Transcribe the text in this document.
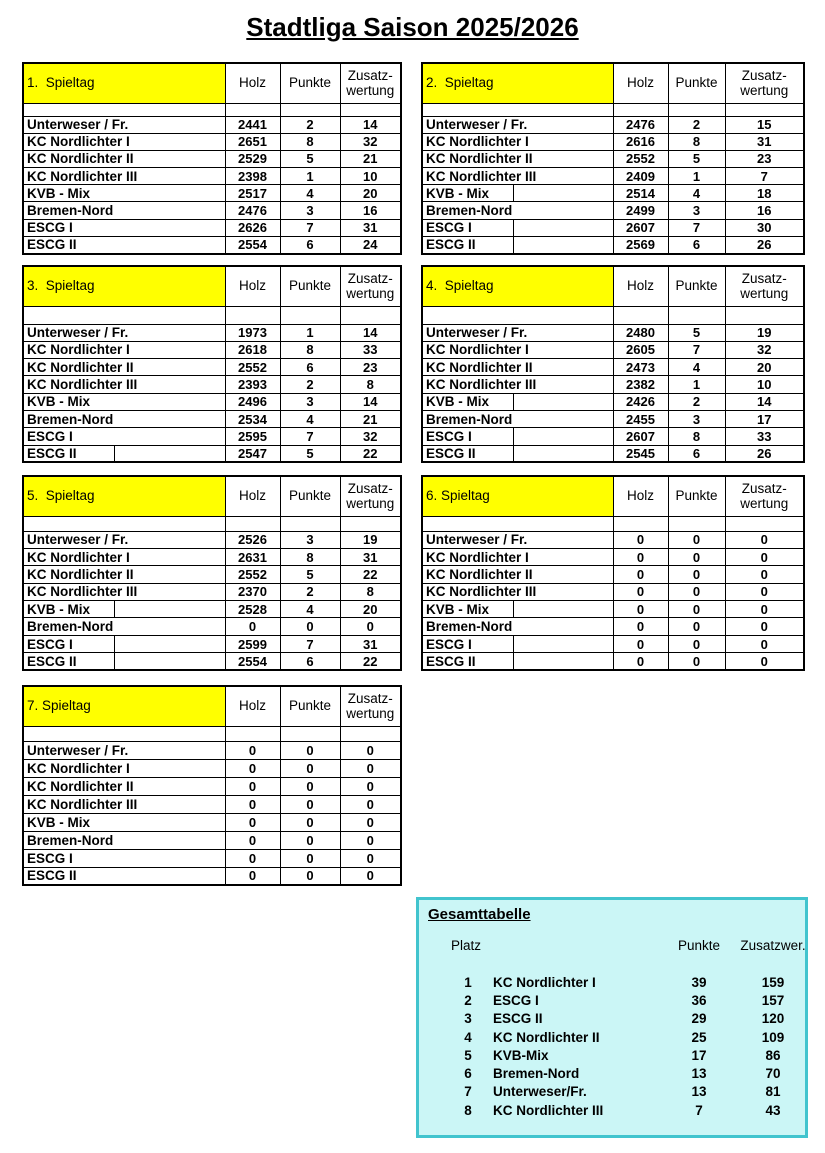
Stadtliga Saison 2025/2026
1.  Spieltag	Holz	Punkte	Zusatz-
wertung

Unterweser / Fr.	2441	2	14
KC Nordlichter I	2651	8	32
KC Nordlichter II	2529	5	21
KC Nordlichter III	2398	1	10
KVB - Mix	2517	4	20
Bremen-Nord	2476	3	16
ESCG I	2626	7	31
ESCG II	2554	6	24
2.  Spieltag	Holz	Punkte	Zusatz-
wertung

Unterweser / Fr.	2476	2	15
KC Nordlichter I	2616	8	31
KC Nordlichter II	2552	5	23
KC Nordlichter III	2409	1	7
KVB - Mix	2514	4	18
Bremen-Nord	2499	3	16
ESCG I	2607	7	30
ESCG II	2569	6	26
3.  Spieltag	Holz	Punkte	Zusatz-
wertung

Unterweser / Fr.	1973	1	14
KC Nordlichter I	2618	8	33
KC Nordlichter II	2552	6	23
KC Nordlichter III	2393	2	8
KVB - Mix	2496	3	14
Bremen-Nord	2534	4	21
ESCG I	2595	7	32
ESCG II	2547	5	22
4.  Spieltag	Holz	Punkte	Zusatz-
wertung

Unterweser / Fr.	2480	5	19
KC Nordlichter I	2605	7	32
KC Nordlichter II	2473	4	20
KC Nordlichter III	2382	1	10
KVB - Mix	2426	2	14
Bremen-Nord	2455	3	17
ESCG I	2607	8	33
ESCG II	2545	6	26
5.  Spieltag	Holz	Punkte	Zusatz-
wertung

Unterweser / Fr.	2526	3	19
KC Nordlichter I	2631	8	31
KC Nordlichter II	2552	5	22
KC Nordlichter III	2370	2	8
KVB - Mix	2528	4	20
Bremen-Nord	0	0	0
ESCG I	2599	7	31
ESCG II	2554	6	22
6. Spieltag	Holz	Punkte	Zusatz-
wertung

Unterweser / Fr.	0	0	0
KC Nordlichter I	0	0	0
KC Nordlichter II	0	0	0
KC Nordlichter III	0	0	0
KVB - Mix	0	0	0
Bremen-Nord	0	0	0
ESCG I	0	0	0
ESCG II	0	0	0
7. Spieltag	Holz	Punkte	Zusatz-
wertung

Unterweser / Fr.	0	0	0
KC Nordlichter I	0	0	0
KC Nordlichter II	0	0	0
KC Nordlichter III	0	0	0
KVB - Mix	0	0	0
Bremen-Nord	0	0	0
ESCG I	0	0	0
ESCG II	0	0	0
Gesamttabelle
Platz		Punkte	Zusatzwer.

1	KC Nordlichter I	39	159
2	ESCG I	36	157
3	ESCG II	29	120
4	KC Nordlichter II	25	109
5	KVB-Mix	17	86
6	Bremen-Nord	13	70
7	Unterweser/Fr.	13	81
8	KC Nordlichter III	7	43
